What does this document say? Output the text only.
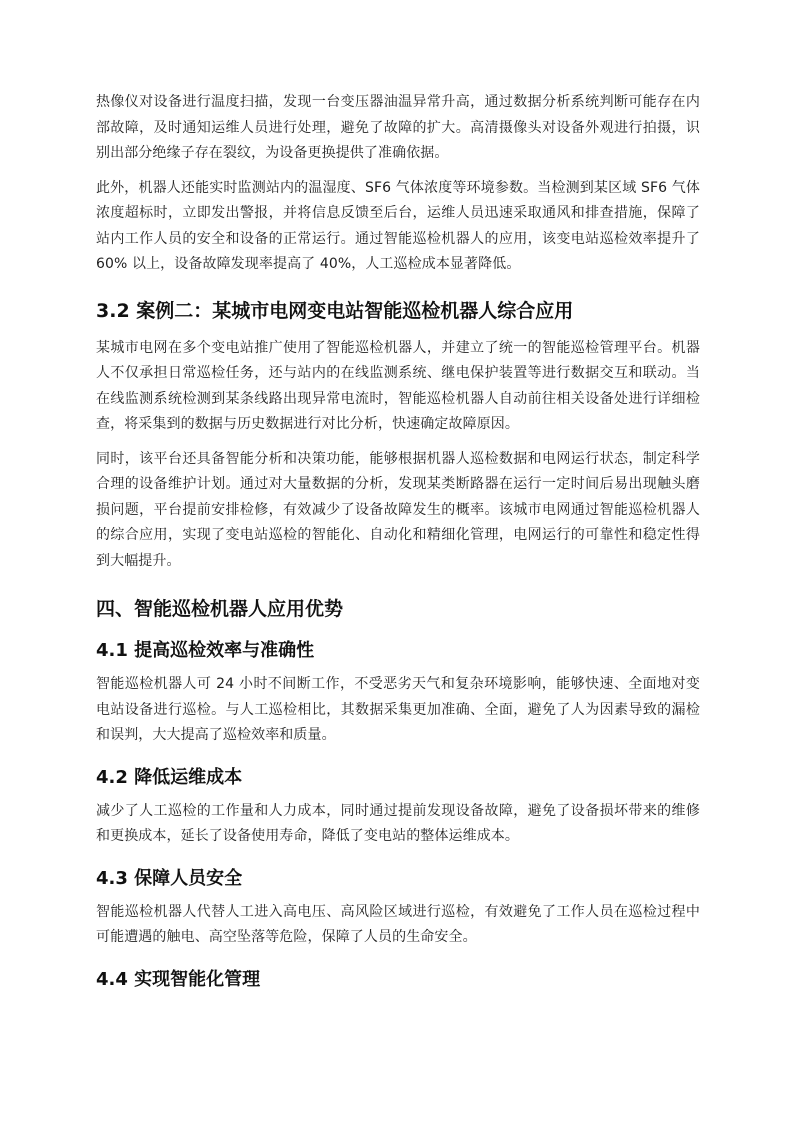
热像仪对设备进行温度扫描，发现一台变压器油温异常升高，通过数据分析系统判断可能存在内部故障，及时通知运维人员进行处理，避免了故障的扩大。高清摄像头对设备外观进行拍摄，识别出部分绝缘子存在裂纹，为设备更换提供了准确依据。

此外，机器人还能实时监测站内的温湿度、SF6 气体浓度等环境参数。当检测到某区域 SF6 气体浓度超标时，立即发出警报，并将信息反馈至后台，运维人员迅速采取通风和排查措施，保障了站内工作人员的安全和设备的正常运行。通过智能巡检机器人的应用，该变电站巡检效率提升了 60% 以上，设备故障发现率提高了 40%，人工巡检成本显著降低。

3.2 案例二：某城市电网变电站智能巡检机器人综合应用

某城市电网在多个变电站推广使用了智能巡检机器人，并建立了统一的智能巡检管理平台。机器人不仅承担日常巡检任务，还与站内的在线监测系统、继电保护装置等进行数据交互和联动。当在线监测系统检测到某条线路出现异常电流时，智能巡检机器人自动前往相关设备处进行详细检查，将采集到的数据与历史数据进行对比分析，快速确定故障原因。

同时，该平台还具备智能分析和决策功能，能够根据机器人巡检数据和电网运行状态，制定科学合理的设备维护计划。通过对大量数据的分析，发现某类断路器在运行一定时间后易出现触头磨损问题，平台提前安排检修，有效减少了设备故障发生的概率。该城市电网通过智能巡检机器人的综合应用，实现了变电站巡检的智能化、自动化和精细化管理，电网运行的可靠性和稳定性得到大幅提升。

四、智能巡检机器人应用优势
4.1 提高巡检效率与准确性

智能巡检机器人可 24 小时不间断工作，不受恶劣天气和复杂环境影响，能够快速、全面地对变电站设备进行巡检。与人工巡检相比，其数据采集更加准确、全面，避免了人为因素导致的漏检和误判，大大提高了巡检效率和质量。

4.2 降低运维成本

减少了人工巡检的工作量和人力成本，同时通过提前发现设备故障，避免了设备损坏带来的维修和更换成本，延长了设备使用寿命，降低了变电站的整体运维成本。

4.3 保障人员安全

智能巡检机器人代替人工进入高电压、高风险区域进行巡检，有效避免了工作人员在巡检过程中可能遭遇的触电、高空坠落等危险，保障了人员的生命安全。

4.4 实现智能化管理
